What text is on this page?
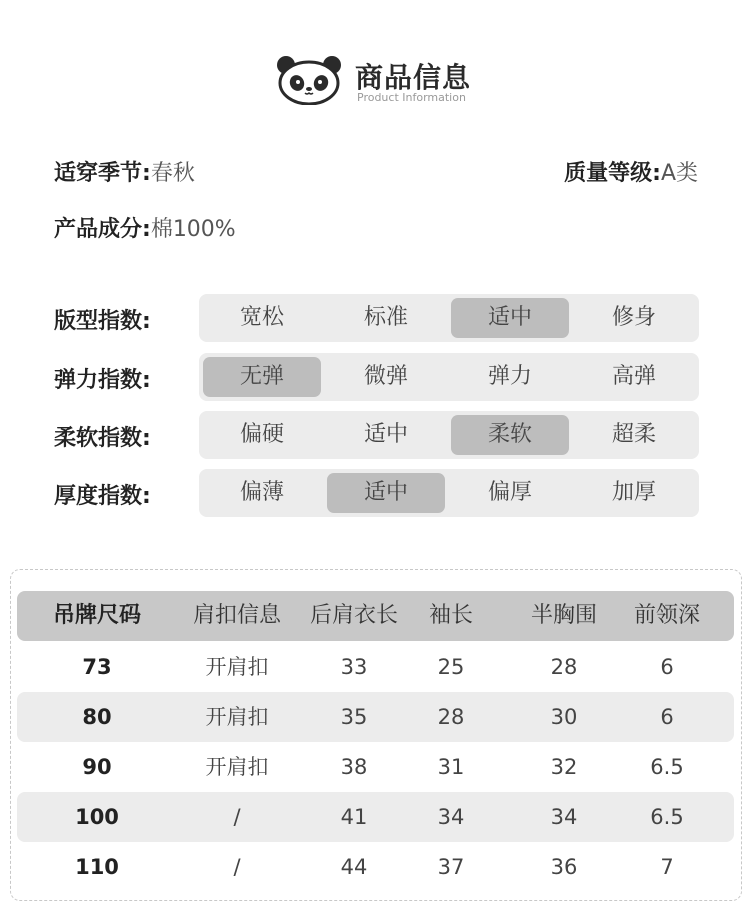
商品信息
Product Information
适穿季节:春秋	质量等级:A类
产品成分:棉100%
版型指数:	宽松	标准	适中	修身
弹力指数:	无弹	微弹	弹力	高弹
柔软指数:	偏硬	适中	柔软	超柔
厚度指数:	偏薄	适中	偏厚	加厚
吊牌尺码	肩扣信息	后肩衣长	袖长	半胸围	前领深
73	开肩扣	33	25	28	6
80	开肩扣	35	28	30	6
90	开肩扣	38	31	32	6.5
100	/	41	34	34	6.5
110	/	44	37	36	7
